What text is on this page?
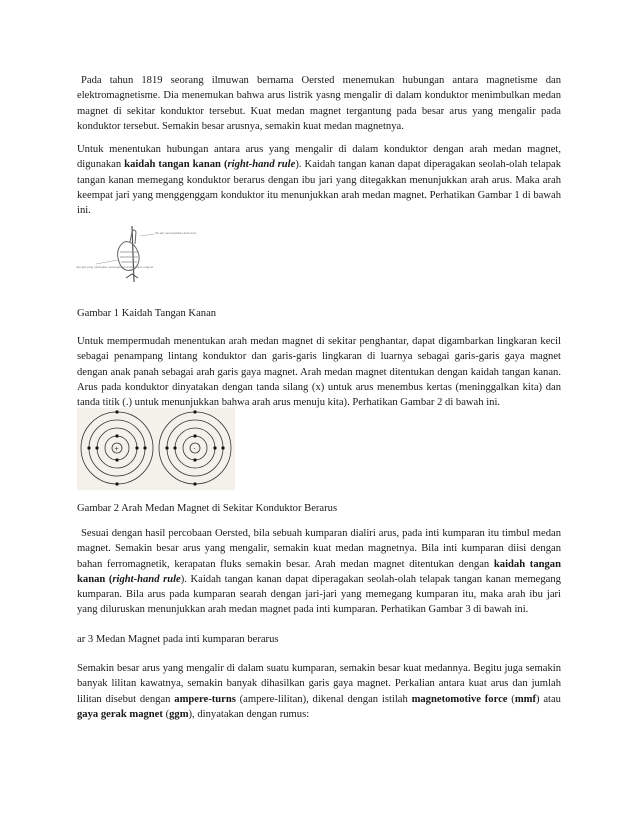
Pada tahun 1819 seorang ilmuwan bernama Oersted menemukan hubungan antara magnetisme dan elektromagnetisme. Dia menemukan bahwa arus listrik yasng mengalir di dalam konduktor menimbulkan medan magnet di sekitar konduktor tersebut. Kuat medan magnet tergantung pada besar arus yang mengalir pada konduktor tersebut. Semakin besar arusnya, semakin kuat medan magnetnya.

Untuk menentukan hubungan antara arus yang mengalir di dalam konduktor dengan arah medan magnet, digunakan kaidah tangan kanan (right-hand rule). Kaidah tangan kanan dapat diperagakan seolah-olah telapak tangan kanan memegang konduktor berarus dengan ibu jari yang ditegakkan menunjukkan arah arus. Maka arah keempat jari yang menggenggam konduktor itu menunjukkan arah medan magnet. Perhatikan Gambar 1 di bawah ini.

Ibu jari menunjukkan arah arus
Jari-jari yang melingkar menunjukkan arah medan magnet

Gambar 1 Kaidah Tangan Kanan

Untuk mempermudah menentukan arah medan magnet di sekitar penghantar, dapat digambarkan lingkaran kecil sebagai penampang lintang konduktor dan garis-garis lingkaran di luarnya sebagai garis-garis gaya magnet dengan anak panah sebagai arah garis gaya magnet. Arah medan magnet ditentukan dengan kaidah tangan kanan. Arus pada konduktor dinyatakan dengan tanda silang (x) untuk arus menembus kertas (meninggalkan kita) dan tanda titik (.) untuk menunjukkan bahwa arah arus menuju kita). Perhatikan Gambar 2 di bawah ini.

+	·

Gambar 2 Arah Medan Magnet di Sekitar Konduktor Berarus

Sesuai dengan hasil percobaan Oersted, bila sebuah kumparan dialiri arus, pada inti kumparan itu timbul medan magnet. Semakin besar arus yang mengalir, semakin kuat medan magnetnya. Bila inti kumparan diisi dengan bahan ferromagnetik, kerapatan fluks semakin besar. Arah medan magnet ditentukan dengan kaidah tangan kanan (right-hand rule). Kaidah tangan kanan dapat diperagakan seolah-olah telapak tangan kanan memegang kumparan. Bila arus pada kumparan searah dengan jari-jari yang memegang kumparan itu, maka arah ibu jari yang diluruskan menunjukkan arah medan magnet pada inti kumparan. Perhatikan Gambar 3 di bawah ini.

ar 3 Medan Magnet pada inti kumparan berarus

Semakin besar arus yang mengalir di dalam suatu kumparan, semakin besar kuat medannya. Begitu juga semakin banyak lilitan kawatnya, semakin banyak dihasilkan garis gaya magnet. Perkalian antara kuat arus dan jumlah lilitan disebut dengan ampere-turns (ampere-lilitan), dikenal dengan istilah magnetomotive force (mmf) atau gaya gerak magnet (ggm), dinyatakan dengan rumus:
